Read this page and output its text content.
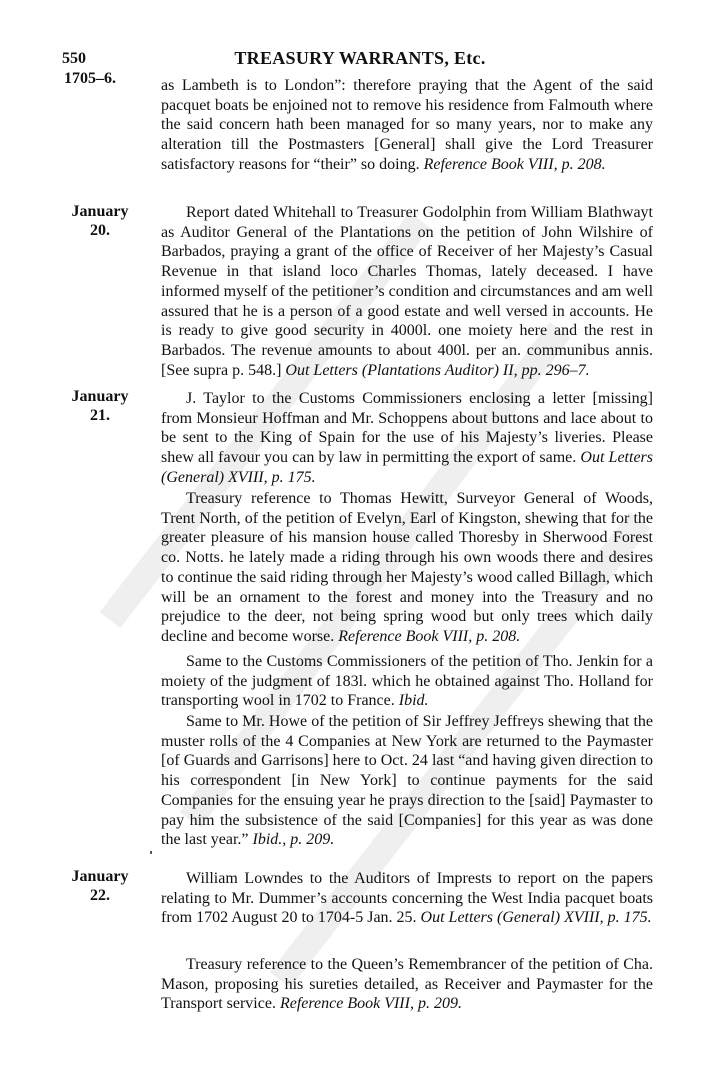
550	TREASURY WARRANTS, Etc.
1705–6.
January
20.
January
21.
January
22.
as Lambeth is to London”: therefore praying that the Agent of the said pacquet boats be enjoined not to remove his residence from Falmouth where the said concern hath been managed for so many years, nor to make any alteration till the Postmasters [General] shall give the Lord Treasurer satisfactory reasons for “their” so doing. Reference Book VIII, p. 208.
Report dated Whitehall to Treasurer Godolphin from William Blathwayt as Auditor General of the Plantations on the petition of John Wilshire of Barbados, praying a grant of the office of Receiver of her Majesty’s Casual Revenue in that island loco Charles Thomas, lately deceased. I have informed myself of the petitioner’s condition and circumstances and am well assured that he is a person of a good estate and well versed in accounts. He is ready to give good security in 4000l. one moiety here and the rest in Barbados. The revenue amounts to about 400l. per an. communibus annis. [See supra p. 548.] Out Letters (Plantations Auditor) II, pp. 296–7.
J. Taylor to the Customs Commissioners enclosing a letter [missing] from Monsieur Hoffman and Mr. Schoppens about buttons and lace about to be sent to the King of Spain for the use of his Majesty’s liveries. Please shew all favour you can by law in permitting the export of same. Out Letters (General) XVIII, p. 175.
Treasury reference to Thomas Hewitt, Surveyor General of Woods, Trent North, of the petition of Evelyn, Earl of Kingston, shewing that for the greater pleasure of his mansion house called Thoresby in Sherwood Forest co. Notts. he lately made a riding through his own woods there and desires to continue the said riding through her Majesty’s wood called Billagh, which will be an ornament to the forest and money into the Treasury and no prejudice to the deer, not being spring wood but only trees which daily decline and become worse. Reference Book VIII, p. 208.
Same to the Customs Commissioners of the petition of Tho. Jenkin for a moiety of the judgment of 183l. which he obtained against Tho. Holland for transporting wool in 1702 to France. Ibid.
Same to Mr. Howe of the petition of Sir Jeffrey Jeffreys shewing that the muster rolls of the 4 Companies at New York are returned to the Paymaster [of Guards and Garrisons] here to Oct. 24 last “and having given direction to his correspondent [in New York] to continue payments for the said Companies for the ensuing year he prays direction to the [said] Paymaster to pay him the subsistence of the said [Companies] for this year as was done the last year.” Ibid., p. 209.
William Lowndes to the Auditors of Imprests to report on the papers relating to Mr. Dummer’s accounts concerning the West India pacquet boats from 1702 August 20 to 1704-5 Jan. 25. Out Letters (General) XVIII, p. 175.
Treasury reference to the Queen’s Remembrancer of the petition of Cha. Mason, proposing his sureties detailed, as Receiver and Paymaster for the Transport service. Reference Book VIII, p. 209.
